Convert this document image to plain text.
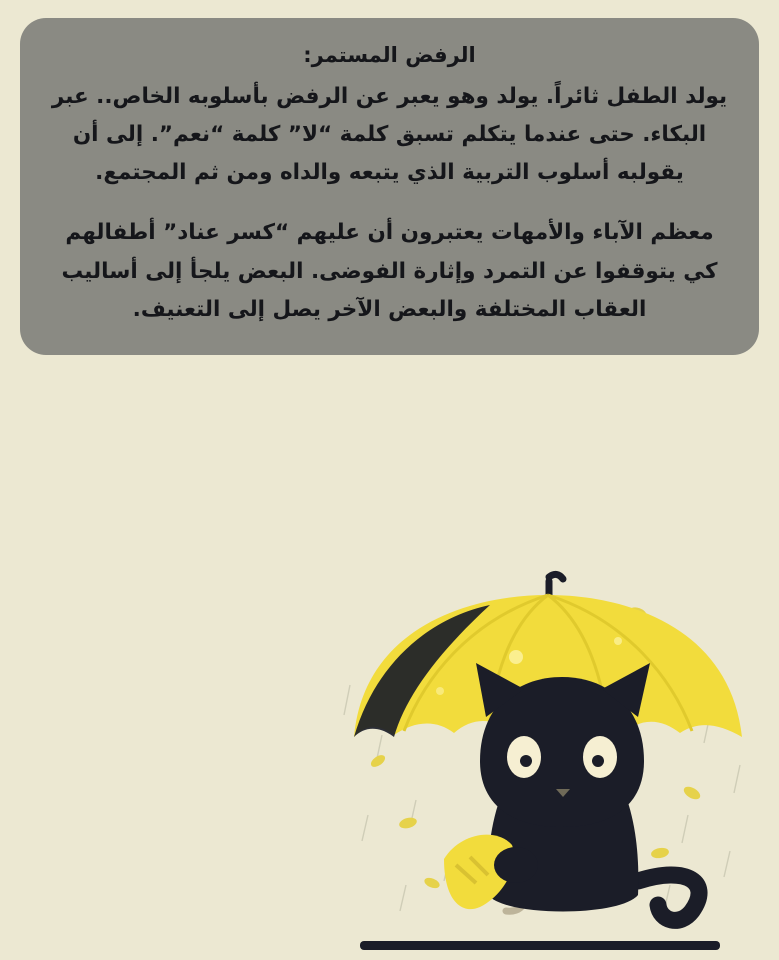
الرفض المستمر:

يولد الطفل ثائراً. يولد وهو يعبر عن الرفض بأسلوبه الخاص.. عبر البكاء. حتى عندما يتكلم تسبق كلمة “لا” كلمة “نعم”. إلى أن يقولبه أسلوب التربية الذي يتبعه والداه ومن ثم المجتمع.

معظم الآباء والأمهات يعتبرون أن عليهم “كسر عناد” أطفالهم كي يتوقفوا عن التمرد وإثارة الفوضى. البعض يلجأ إلى أساليب العقاب المختلفة والبعض الآخر يصل إلى التعنيف.
